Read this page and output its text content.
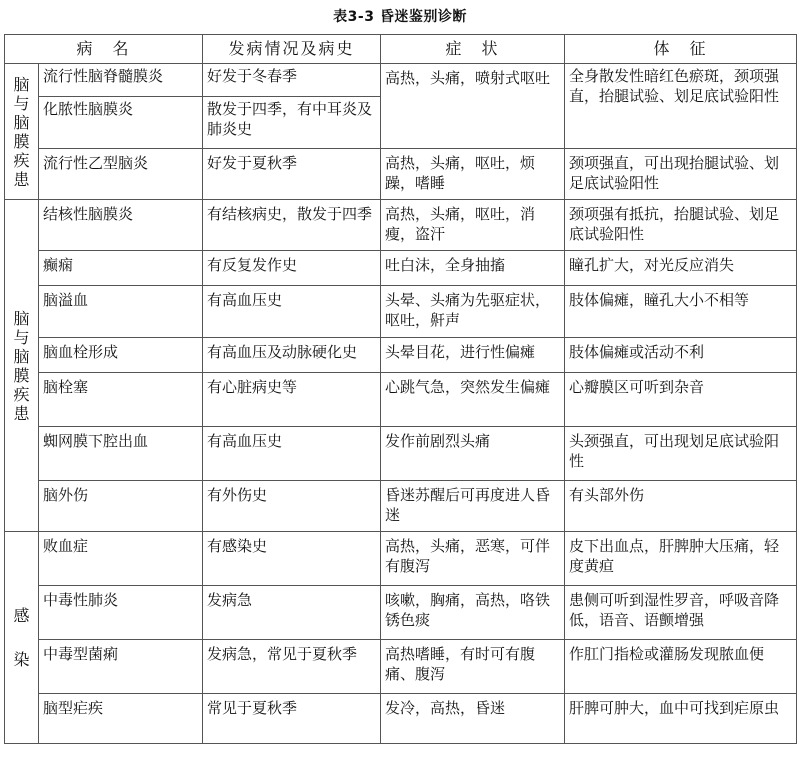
表3-3 昏迷鉴别诊断
病　名		发病情况及病史	症　状	体　征
脑与脑膜疾患	流行性脑脊髓膜炎	好发于冬春季	高热，头痛，喷射式呕吐	全身散发性暗红色瘀斑，颈项强直，抬腿试验、划足底试验阳性
	化脓性脑膜炎	散发于四季，有中耳炎及肺炎史		
	流行性乙型脑炎	好发于夏秋季	高热，头痛，呕吐，烦躁，嗜睡	颈项强直，可出现抬腿试验、划足底试验阳性
脑与脑膜疾患	结核性脑膜炎	有结核病史，散发于四季	高热，头痛，呕吐，消瘦，盗汗	颈项强有抵抗，抬腿试验、划足底试验阳性
	癫痫	有反复发作史	吐白沫，全身抽搐	瞳孔扩大，对光反应消失
	脑溢血	有高血压史	头晕、头痛为先驱症状，呕吐，鼾声	肢体偏瘫，瞳孔大小不相等
	脑血栓形成	有高血压及动脉硬化史	头晕目花，进行性偏瘫	肢体偏瘫或活动不利
	脑栓塞	有心脏病史等	心跳气急，突然发生偏瘫	心瓣膜区可听到杂音
	蜘网膜下腔出血	有高血压史	发作前剧烈头痛	头颈强直，可出现划足底试验阳性
	脑外伤	有外伤史	昏迷苏醒后可再度进人昏迷	有头部外伤
感染	败血症	有感染史	高热，头痛，恶寒，可伴有腹泻	皮下出血点，肝脾肿大压痛，轻度黄疸
	中毒性肺炎	发病急	咳嗽，胸痛，高热，咯铁锈色痰	患侧可听到湿性罗音，呼吸音降低，语音、语颤增强
	中毒型菌痢	发病急，常见于夏秋季	高热嗜睡，有时可有腹痛、腹泻	作肛门指检或灌肠发现脓血便
	脑型疟疾	常见于夏秋季	发冷，高热，昏迷	肝脾可肿大，血中可找到疟原虫
